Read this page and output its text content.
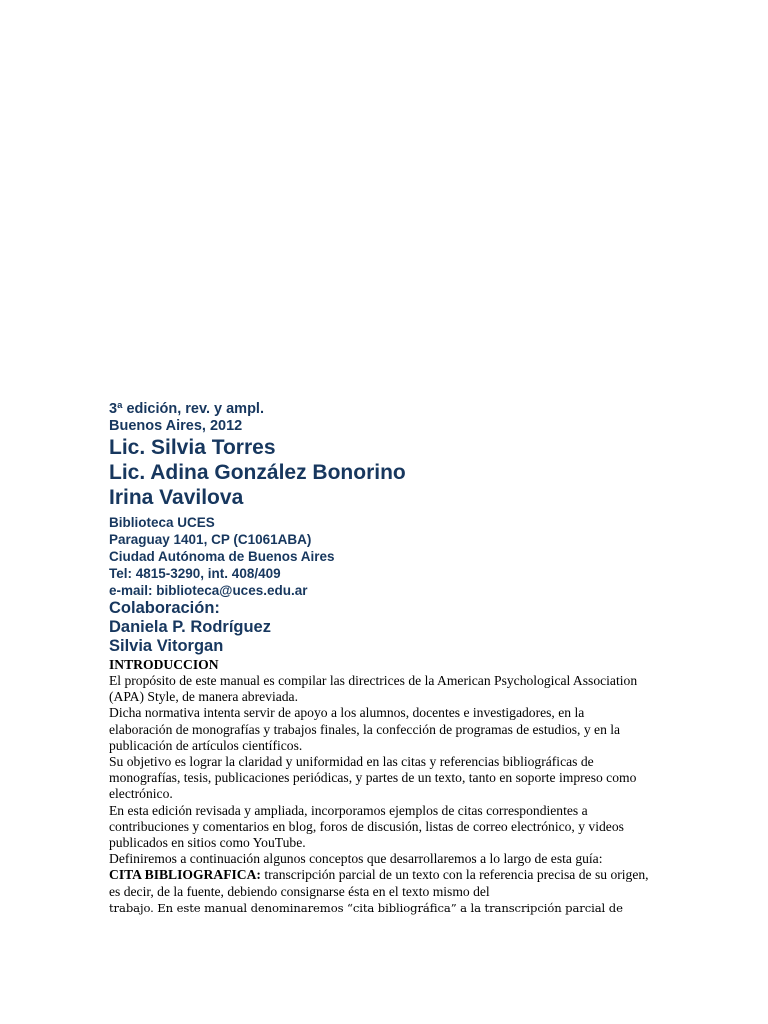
3ª edición, rev. y ampl.
Buenos Aires, 2012
Lic. Silvia Torres
Lic. Adina González Bonorino
Irina Vavilova
Biblioteca UCES
Paraguay 1401, CP (C1061ABA)
Ciudad Autónoma de Buenos Aires
Tel: 4815-3290, int. 408/409
e-mail: biblioteca@uces.edu.ar
Colaboración:
Daniela P. Rodríguez
Silvia Vitorgan
INTRODUCCION

El propósito de este manual es compilar las directrices de la American Psychological Association (APA) Style, de manera abreviada.

Dicha normativa intenta servir de apoyo a los alumnos, docentes e investigadores, en la elaboración de monografías y trabajos finales, la confección de programas de estudios, y en la publicación de artículos científicos.

Su objetivo es lograr la claridad y uniformidad en las citas y referencias bibliográficas de monografías, tesis, publicaciones periódicas, y partes de un texto, tanto en soporte impreso como electrónico.

En esta edición revisada y ampliada, incorporamos ejemplos de citas correspondientes a contribuciones y comentarios en blog, foros de discusión, listas de correo electrónico, y videos publicados en sitios como YouTube.

Definiremos a continuación algunos conceptos que desarrollaremos a lo largo de esta guía:

CITA BIBLIOGRAFICA: transcripción parcial de un texto con la referencia precisa de su origen, es decir, de la fuente, debiendo consignarse ésta en el texto mismo del

trabajo. En este manual denominaremos “cita bibliográfica” a la transcripción parcial de
